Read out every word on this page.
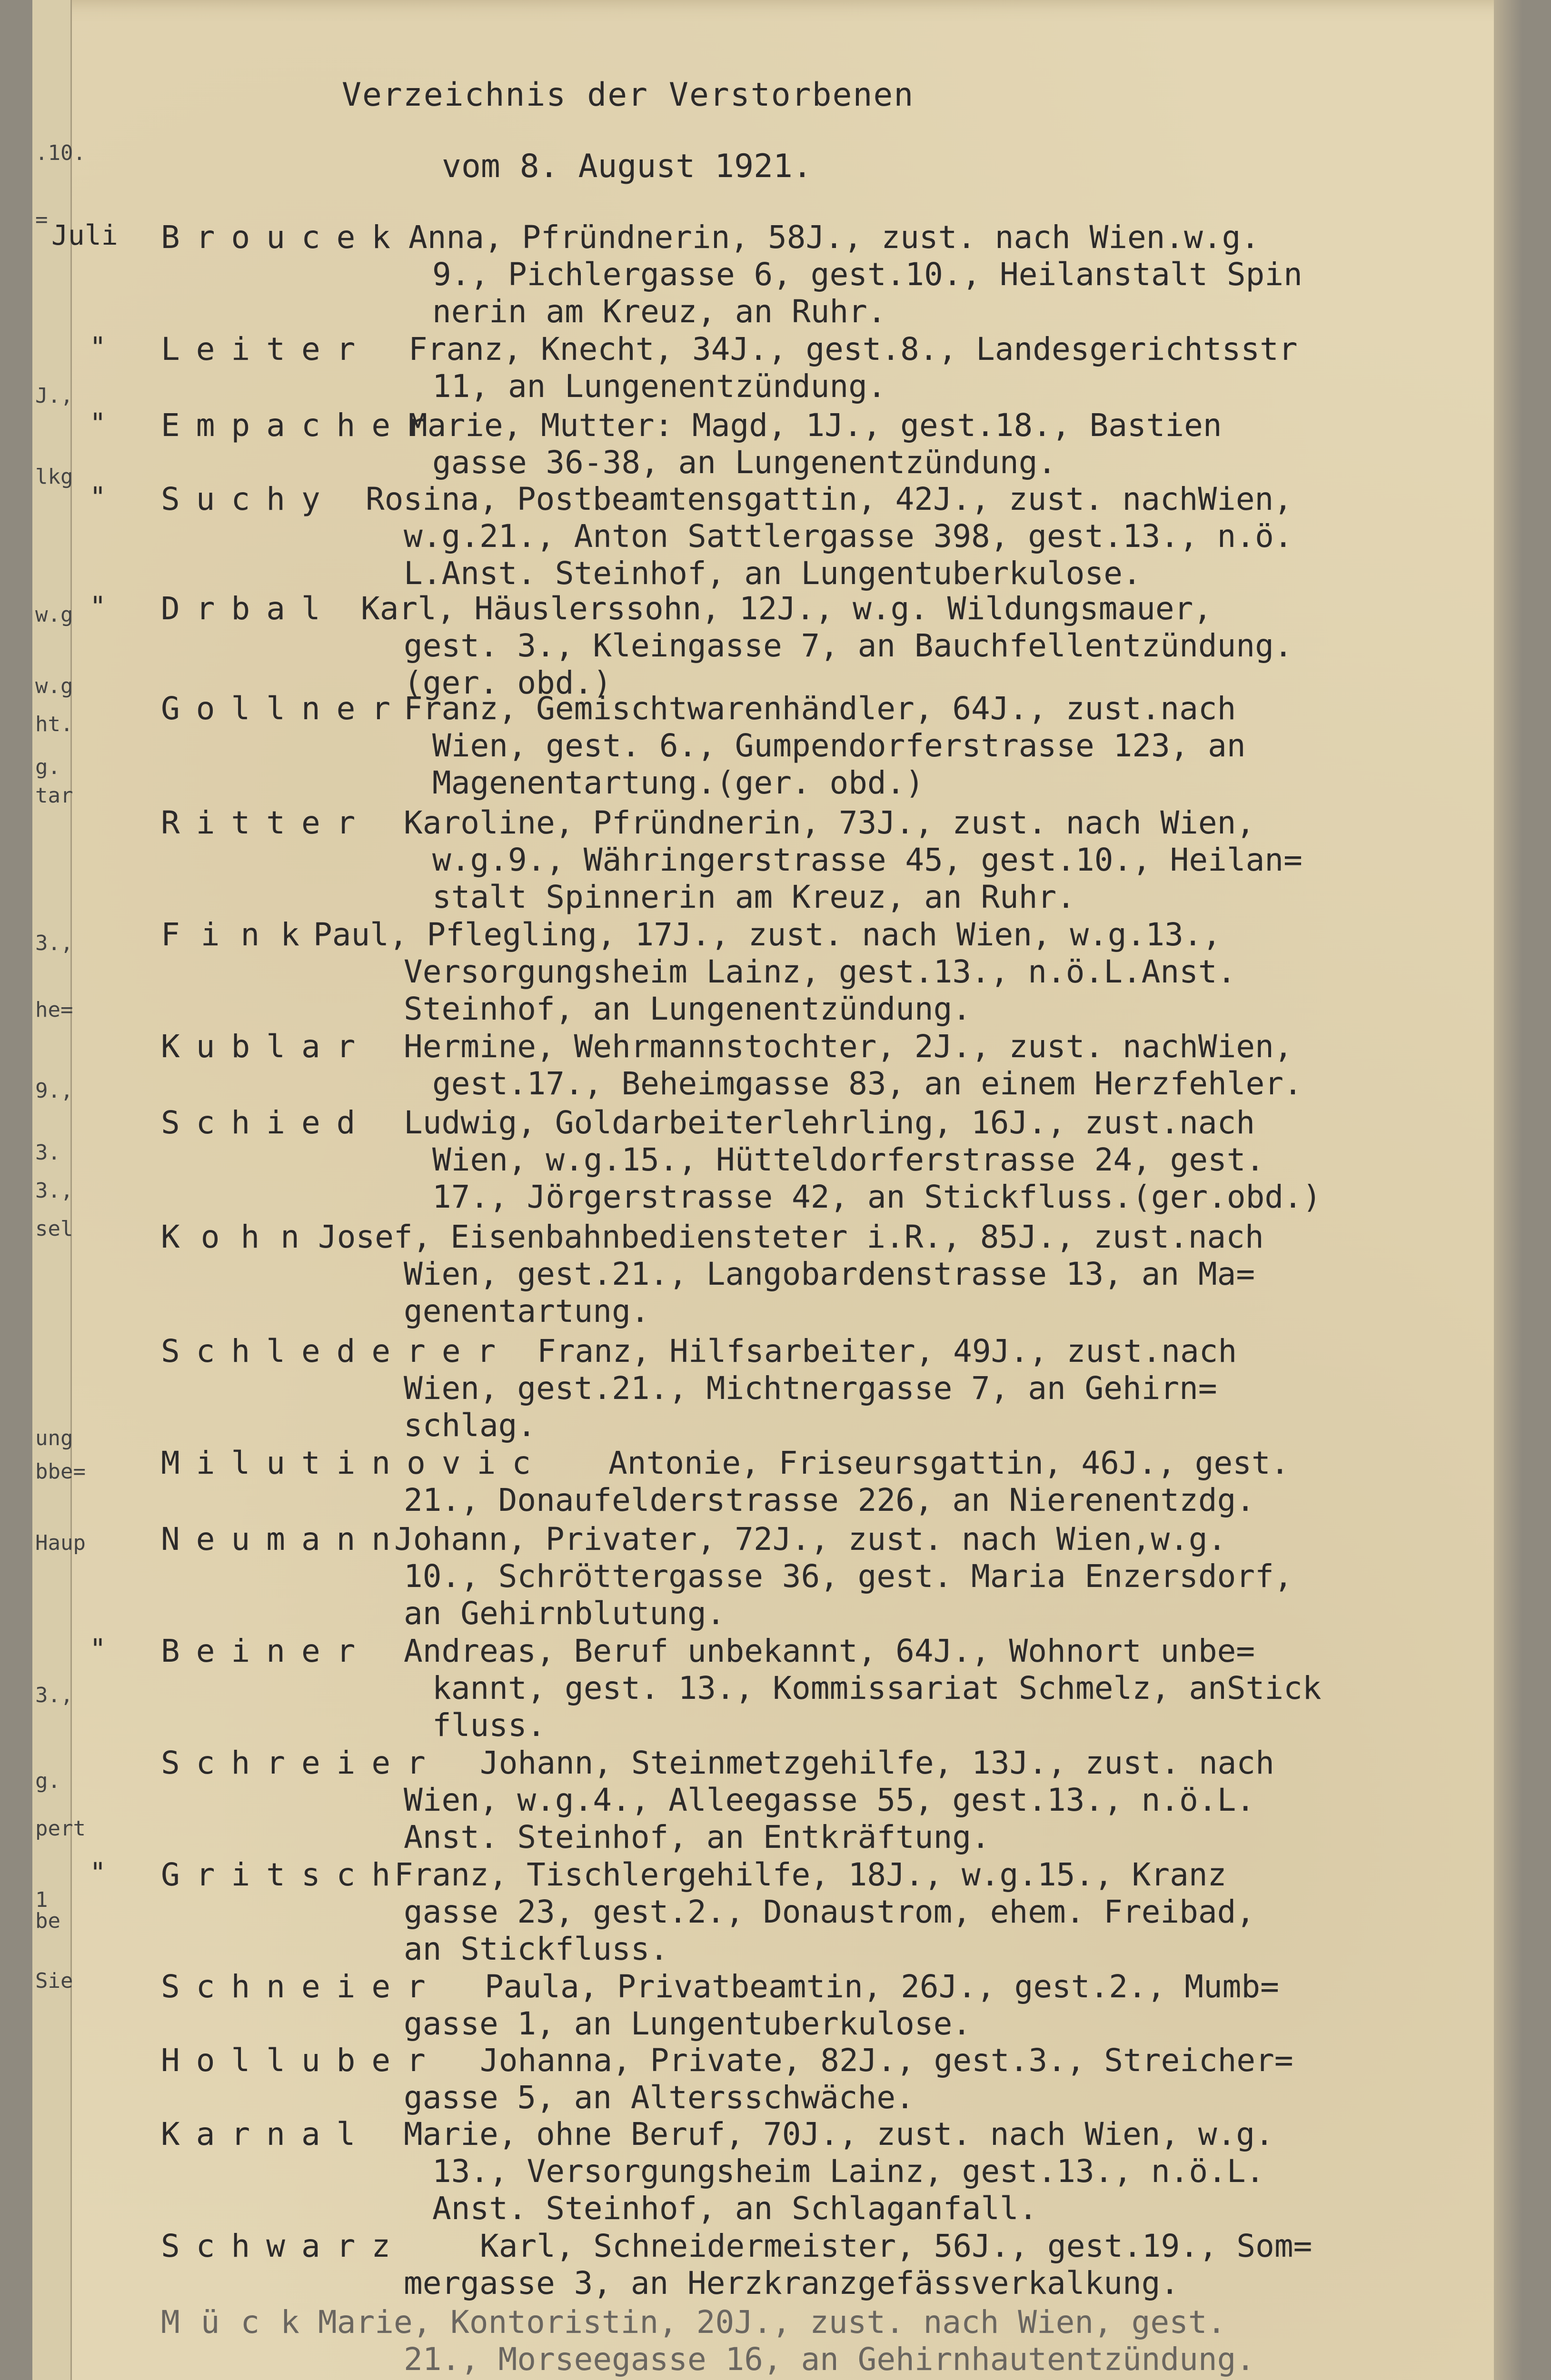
.10.
=
J.,
lkg
w.g
w.g
ht.
g.
tar
3.,
he=
9.,
3.
3.,
sel
ung
bbe=
Haup
3.,
g.
pert
1 be
Sie
Verzeichnis der Verstorbenen
vom 8. August 1921.
Juli Broucek Anna, Pfründnerin, 58J., zust. nach Wien.w.g.
9., Pichlergasse 6, gest.10., Heilanstalt Spin
nerin am Kreuz, an Ruhr.
" Leiter Franz, Knecht, 34J., gest.8., Landesgerichtsstr
11, an Lungenentzündung.
" Empacher
Marie, Mutter: Magd, 1J., gest.18., Bastien
gasse 36-38, an Lungenentzündung.
" Suchy Rosina, Postbeamtensgattin, 42J., zust. nachWien,
w.g.21., Anton Sattlergasse 398, gest.13., n.ö.
L.Anst. Steinhof, an Lungentuberkulose.
" Drbal Karl, Häuslerssohn, 12J., w.g. Wildungsmauer,
gest. 3., Kleingasse 7, an Bauchfellentzündung.
(ger. obd.)
Gollner
Franz, Gemischtwarenhändler, 64J., zust.nach
Wien, gest. 6., Gumpendorferstrasse 123, an
Magenentartung.(ger. obd.)
Ritter Karoline, Pfründnerin, 73J., zust. nach Wien,
w.g.9., Währingerstrasse 45, gest.10., Heilan=
stalt Spinnerin am Kreuz, an Ruhr.
Fink
Paul, Pflegling, 17J., zust. nach Wien, w.g.13.,
Versorgungsheim Lainz, gest.13., n.ö.L.Anst.
Steinhof, an Lungenentzündung.
Kublar Hermine, Wehrmannstochter, 2J., zust. nachWien,
gest.17., Beheimgasse 83, an einem Herzfehler.
Schied Ludwig, Goldarbeiterlehrling, 16J., zust.nach
Wien, w.g.15., Hütteldorferstrasse 24, gest.
17., Jörgerstrasse 42, an Stickfluss.(ger.obd.)
Kohn
Josef, Eisenbahnbediensteter i.R., 85J., zust.nach
Wien, gest.21., Langobardenstrasse 13, an Ma=
genentartung.
Schlederer Franz, Hilfsarbeiter, 49J., zust.nach
Wien, gest.21., Michtnergasse 7, an Gehirn=
schlag.
Milutinovic Antonie, Friseursgattin, 46J., gest.
21., Donaufelderstrasse 226, an Nierenentzdg.
Neumann
Johann, Privater, 72J., zust. nach Wien,w.g.
10., Schröttergasse 36, gest. Maria Enzersdorf,
an Gehirnblutung.
" Beiner Andreas, Beruf unbekannt, 64J., Wohnort unbe=
kannt, gest. 13., Kommissariat Schmelz, anStick
fluss.
Schreier Johann, Steinmetzgehilfe, 13J., zust. nach
Wien, w.g.4., Alleegasse 55, gest.13., n.ö.L.
Anst. Steinhof, an Entkräftung.
" Gritsch
Franz, Tischlergehilfe, 18J., w.g.15., Kranz
gasse 23, gest.2., Donaustrom, ehem. Freibad,
an Stickfluss.
Schneier Paula, Privatbeamtin, 26J., gest.2., Mumb=
gasse 1, an Lungentuberkulose.
Holluber Johanna, Private, 82J., gest.3., Streicher=
gasse 5, an Altersschwäche.
Karnal Marie, ohne Beruf, 70J., zust. nach Wien, w.g.
13., Versorgungsheim Lainz, gest.13., n.ö.L.
Anst. Steinhof, an Schlaganfall.
Schwarz Karl, Schneidermeister, 56J., gest.19., Som=
mergasse 3, an Herzkranzgefässverkalkung.
Mück
Marie, Kontoristin, 20J., zust. nach Wien, gest.
21., Morseegasse 16, an Gehirnhautentzündung.
